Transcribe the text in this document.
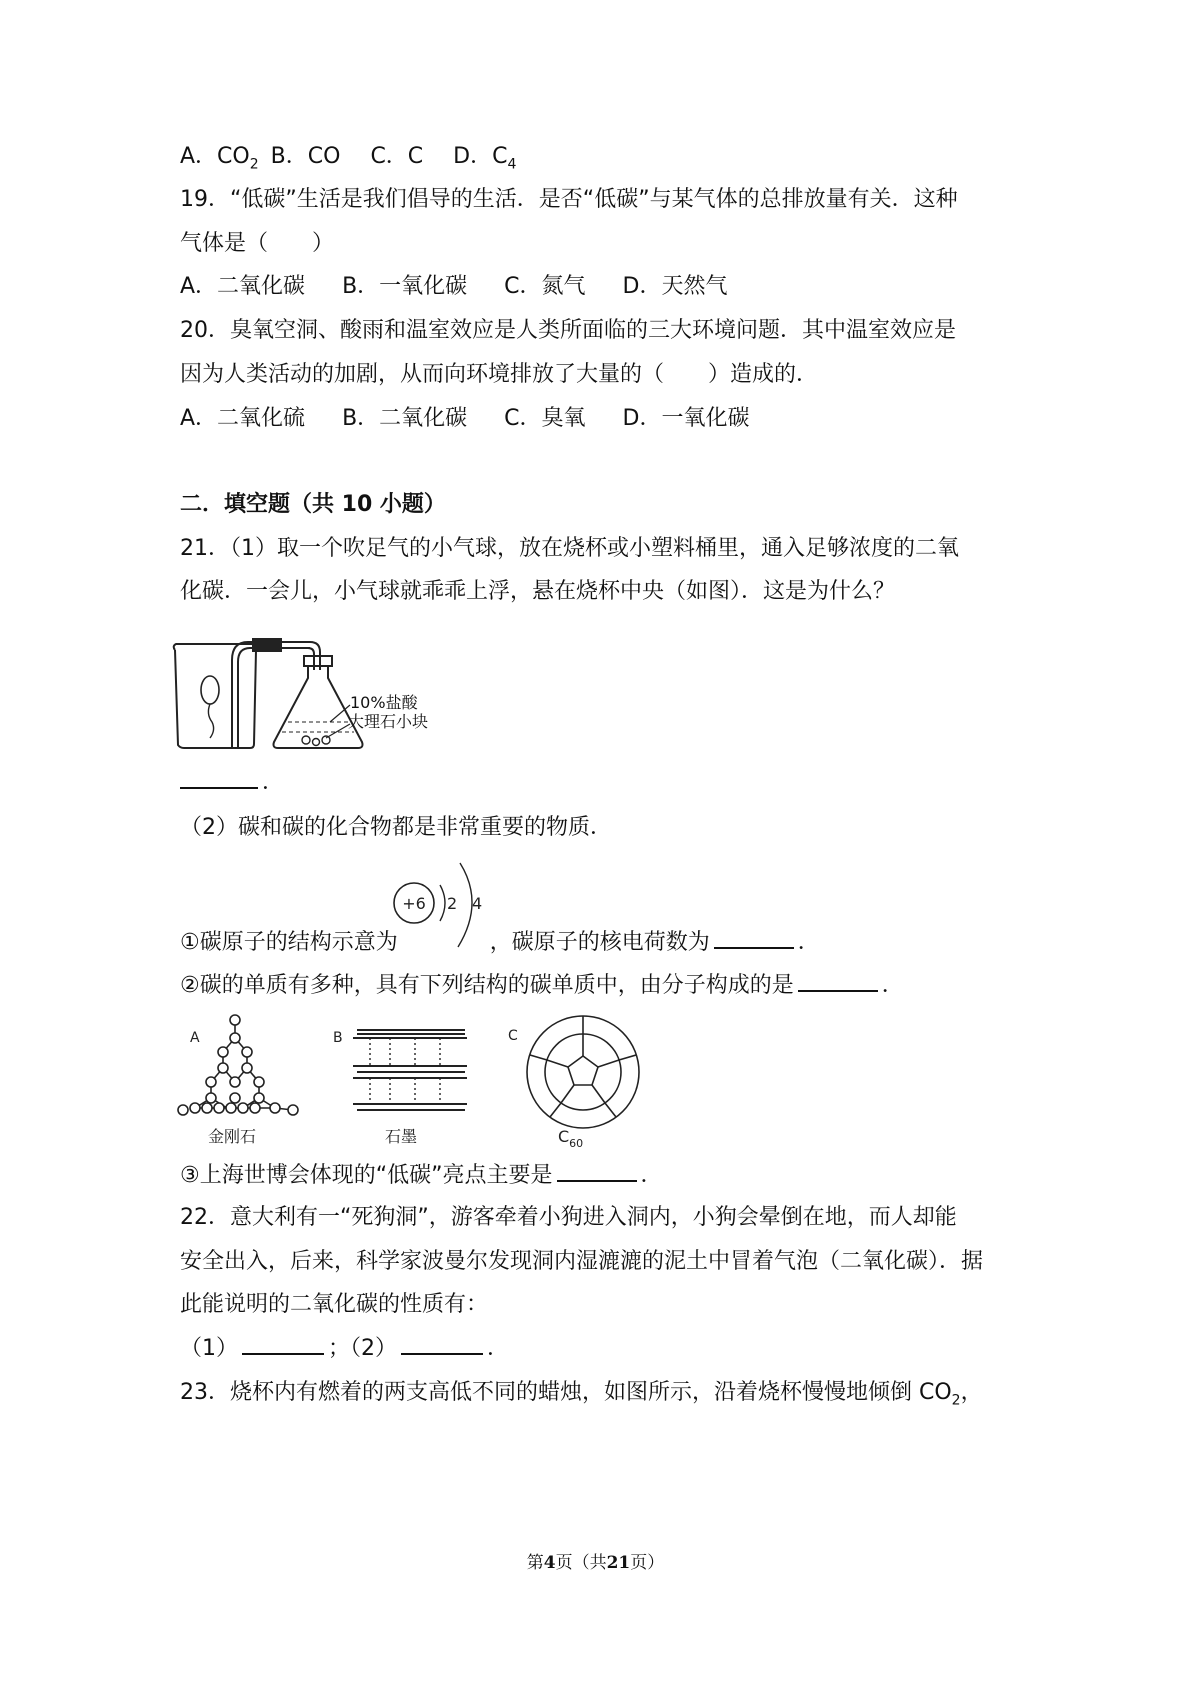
A．$CO_2$ B．CO C．C D．$C_4$
19．“低碳”生活是我们倡导的生活．是否“低碳”与某气体的总排放量有关．这种
气体是（　　）
A．二氧化碳 B．一氧化碳 C．氮气 D．天然气
20．臭氧空洞、酸雨和温室效应是人类所面临的三大环境问题．其中温室效应是
因为人类活动的加剧，从而向环境排放了大量的（　　）造成的．
A．二氧化硫 B．二氧化碳 C．臭氧 D．一氧化碳
二．填空题（共 10 小题）
21．（1）取一个吹足气的小气球，放在烧杯或小塑料桶里，通入足够浓度的二氧
化碳．一会儿，小气球就乖乖上浮，悬在烧杯中央（如图）．这是为什么？
10%盐酸
大理石小块
．
（2）碳和碳的化合物都是非常重要的物质．
+6 2 4
①碳原子的结构示意为	，碳原子的核电荷数为	．
②碳的单质有多种，具有下列结构的碳单质中，由分子构成的是	．
A
金刚石
B
石墨
C
$C_{60}$
③上海世博会体现的“低碳”亮点主要是	．
22．意大利有一“死狗洞”，游客牵着小狗进入洞内，小狗会晕倒在地，而人却能
安全出入，后来，科学家波曼尔发现洞内湿漉漉的泥土中冒着气泡（二氧化碳）．据
此能说明的二氧化碳的性质有：
（1）	；（2）	．
23．烧杯内有燃着的两支高低不同的蜡烛，如图所示，沿着烧杯慢慢地倾倒 $CO_2$，
第4页（共21页）
